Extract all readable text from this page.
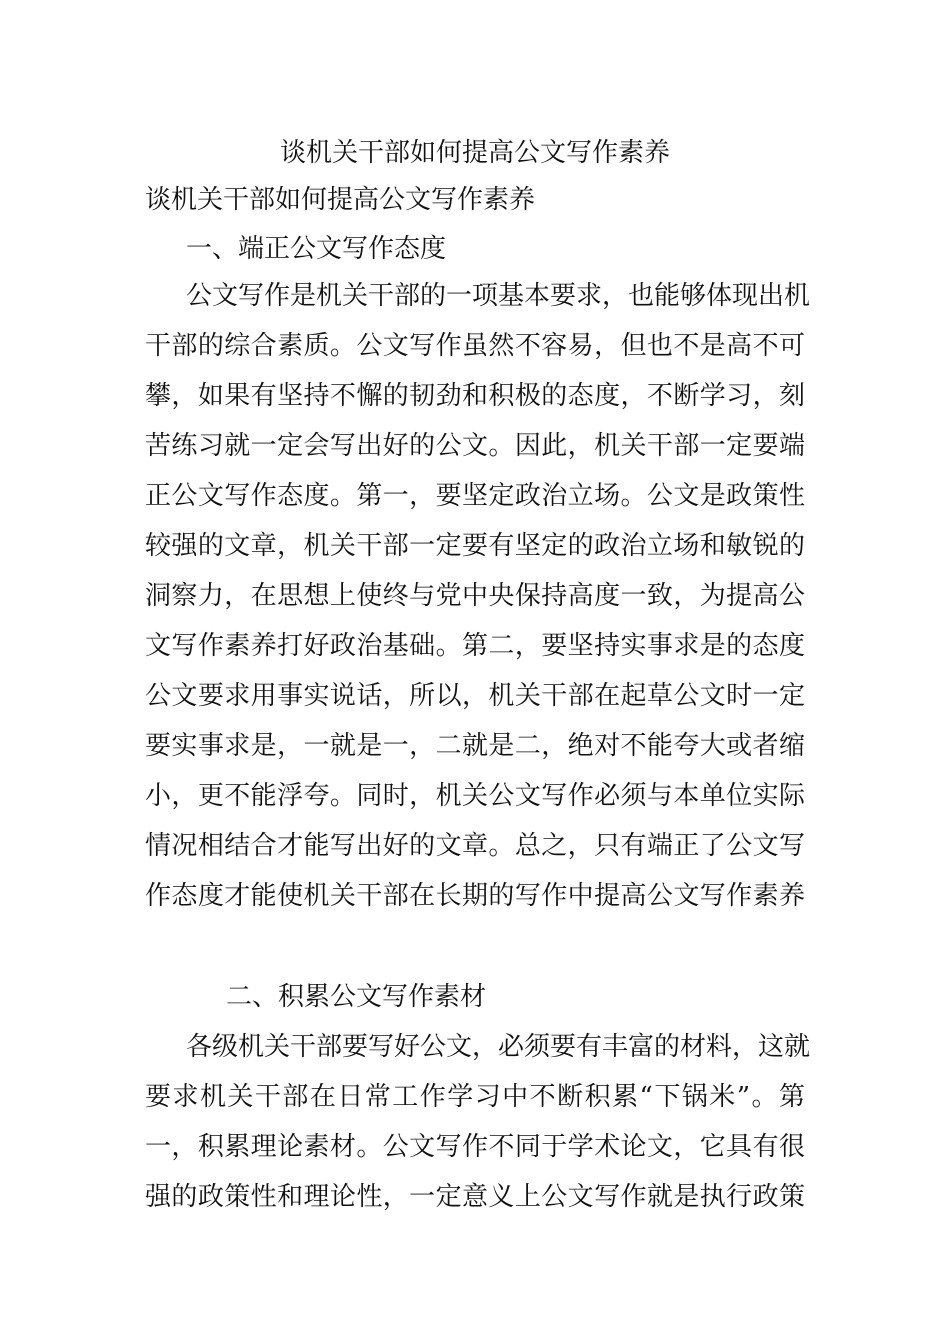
谈机关干部如何提高公文写作素养
谈机关干部如何提高公文写作素养
一、端正公文写作态度
公文写作是机关干部的一项基本要求，也能够体现出机
干部的综合素质。公文写作虽然不容易，但也不是高不可
攀，如果有坚持不懈的韧劲和积极的态度，不断学习，刻
苦练习就一定会写出好的公文。因此，机关干部一定要端
正公文写作态度。第一，要坚定政治立场。公文是政策性
较强的文章，机关干部一定要有坚定的政治立场和敏锐的
洞察力，在思想上使终与党中央保持高度一致，为提高公
文写作素养打好政治基础。第二，要坚持实事求是的态度
公文要求用事实说话，所以，机关干部在起草公文时一定
要实事求是，一就是一，二就是二，绝对不能夸大或者缩
小，更不能浮夸。同时，机关公文写作必须与本单位实际
情况相结合才能写出好的文章。总之，只有端正了公文写
作态度才能使机关干部在长期的写作中提高公文写作素养
二、积累公文写作素材
各级机关干部要写好公文，必须要有丰富的材料，这就
要求机关干部在日常工作学习中不断积累“下锅米”。第
一，积累理论素材。公文写作不同于学术论文，它具有很
强的政策性和理论性，一定意义上公文写作就是执行政策
